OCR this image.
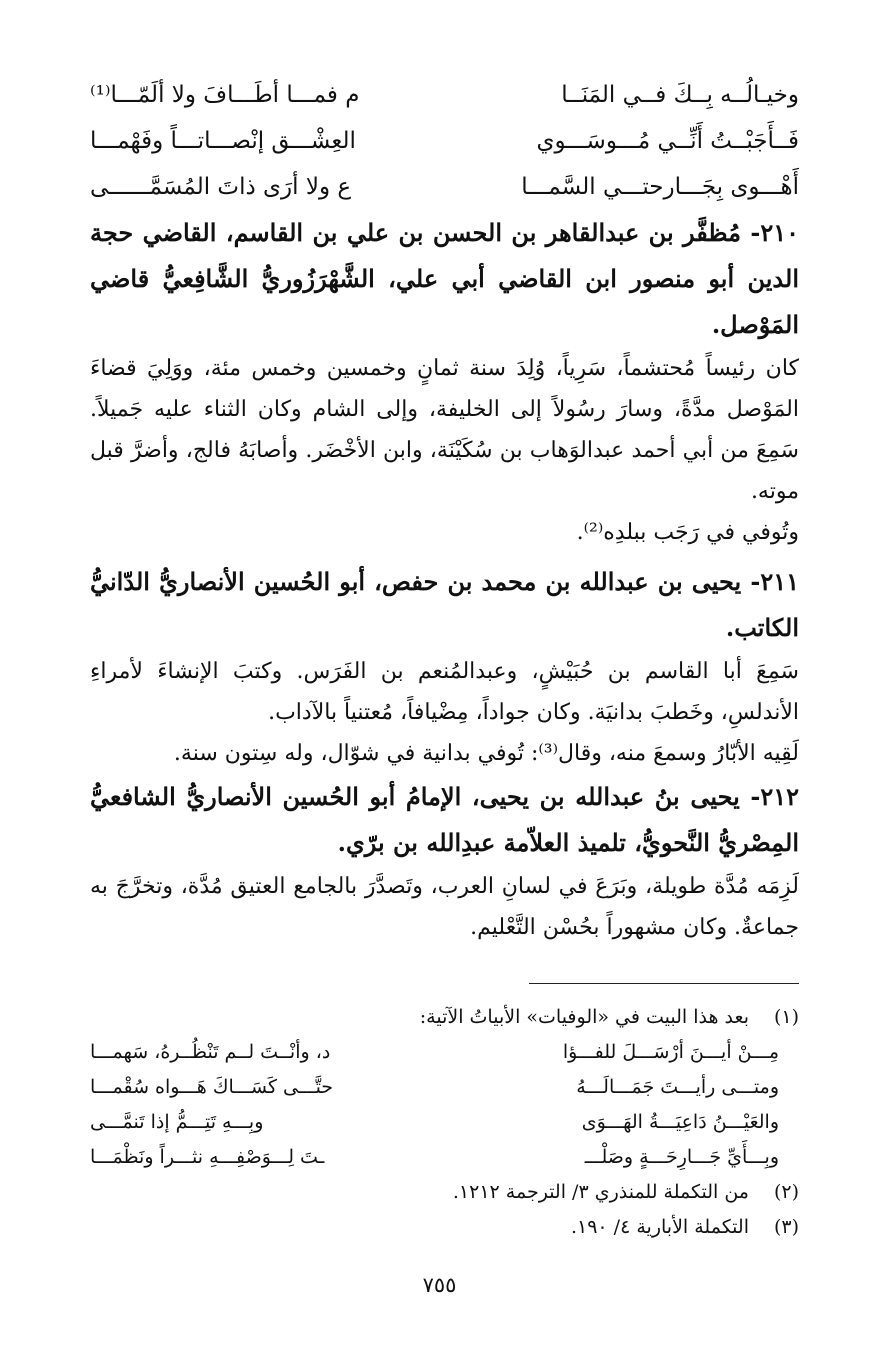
وخيـالُــه بِــكَ فــي المَنَــا
م فمـــا أطَـــافَ ولا ألَمّـــا⁽¹⁾
فَــأَجَبْــتُ أَنِّــي مُـــوسَـــوي
العِشْـــق إنْصـــاتـــاً وفَهْمـــا
أَهْـــوى بِجَـــارحتـــي السَّمـــا
ع ولا أرَى ذاتَ المُسَمَّــــــى

٢١٠- مُظفَّر بن عبدالقاهر بن الحسن بن علي بن القاسم، القاضي حجة الدين أبو منصور ابن القاضي أبي علي، الشَّهْرَزُوريُّ الشَّافِعيُّ قاضي المَوْصل.

كان رئيساً مُحتشماً، سَرِياً، وُلِدَ سنة ثمانٍ وخمسين وخمس مئة، ووَلِيَ قضاءَ المَوْصل مدَّةً، وسارَ رسُولاً إلى الخليفة، وإلى الشام وكان الثناء عليه جَميلاً. سَمِعَ من أبي أحمد عبدالوَهاب بن سُكَيْنَة، وابن الأخْضَر. وأصابَهُ فالج، وأضرَّ قبل موته.

وتُوفي في رَجَب ببلدِه⁽²⁾.

٢١١- يحيى بن عبدالله بن محمد بن حفص، أبو الحُسين الأنصاريُّ الدّانيُّ الكاتب.

سَمِعَ أبا القاسم بن حُبَيْشٍ، وعبدالمُنعم بن الفَرَس. وكتبَ الإنشاءَ لأمراءِ الأندلسِ، وخَطبَ بدانيَة. وكان جواداً، مِضْيافاً، مُعتنياً بالآداب.

لَقِيه الأبّارُ وسمعَ منه، وقال⁽³⁾: تُوفي بدانية في شوّال، وله سِتون سنة.

٢١٢- يحيى بنُ عبدالله بن يحيى، الإمامُ أبو الحُسين الأنصاريُّ الشافعيُّ المِصْريُّ النَّحويُّ، تلميذ العلاّمة عبدِالله بن برّي.

لَزِمَه مُدَّة طويلة، وبَرَعَ في لسانِ العرب، وتَصدَّرَ بالجامع العتيق مُدَّة، وتخرَّجَ به جماعةٌ. وكان مشهوراً بحُسْن التَّعْليم.

(١)بعد هذا البيت في «الوفيات» الأبياتُ الآتية:
مِـــنْ أيـــنَ أرْسَـــلَ للفـــؤا
د، وأنْــتَ لــم تَنْظُــرهُ، سَهمـــا
ومتـــى رأيـــتَ جَمَـــالَـــهُ
حتَّـــى كَسَـــاكَ هَـــواه سُقْمـــا
والعَيْـــنُ دَاعِيَـــةُ الهَـــوَى
وبِـــهِ تَتِـــمُّ إذا تَنمَّـــى
وبِـــأَيِّ جَـــارِحَـــةٍ وصَلْـــ
ـتَ لِـــوَصْفِـــهِ نثـــراً ونَظْمَـــا
(٢)من التكملة للمنذري ٣/ الترجمة ١٢١٢.
(٣)التكملة الأبارية ٤/ ١٩٠.
٧٥٥
